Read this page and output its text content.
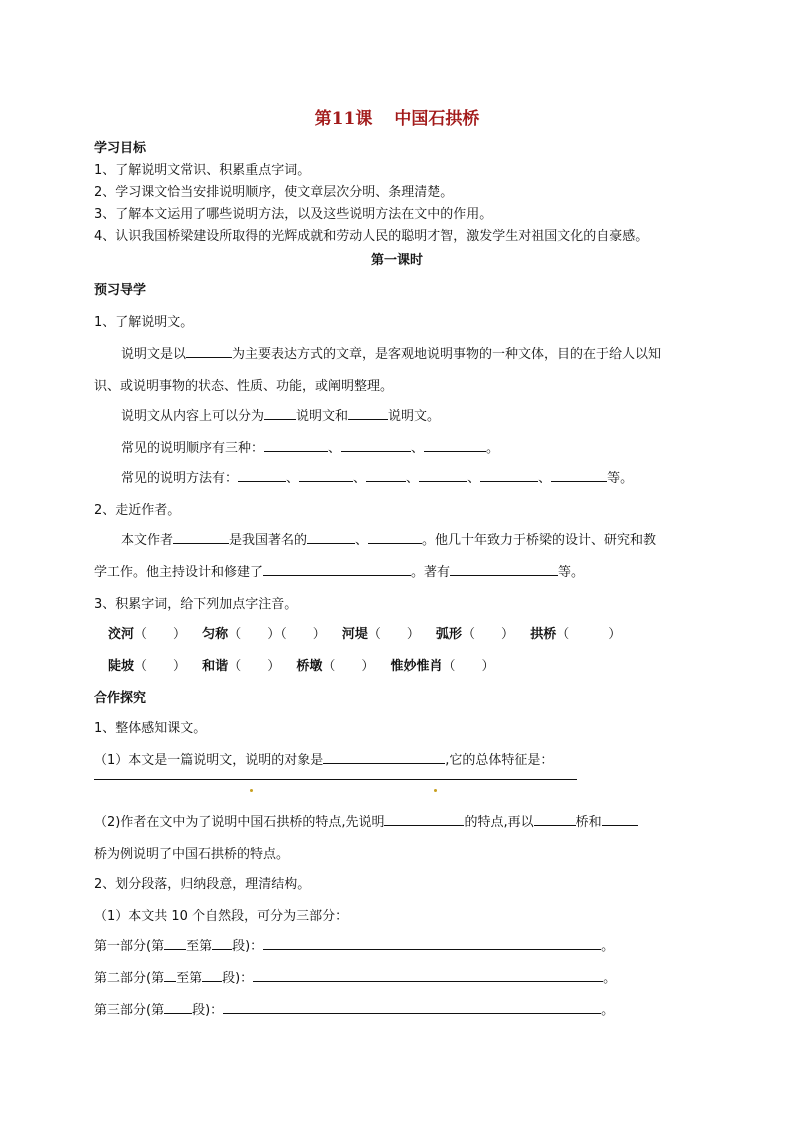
第11课 中国石拱桥
学习目标
1、了解说明文常识、积累重点字词。
2、学习课文恰当安排说明顺序，使文章层次分明、条理清楚。
3、了解本文运用了哪些说明方法，以及这些说明方法在文中的作用。
4、认识我国桥梁建设所取得的光辉成就和劳动人民的聪明才智，激发学生对祖国文化的自豪感。
第一课时
预习导学
1、了解说明文。
说明文是以	为主要表达方式的文章，是客观地说明事物的一种文体，目的在于给人以知
识、或说明事物的状态、性质、功能，或阐明整理。
说明文从内容上可以分为 说明文和	说明文。
常见的说明顺序有三种：	、	、	。
常见的说明方法有：	、	、	、	、	、	等。
2、走近作者。
本文作者	是我国著名的	、	。他几十年致力于桥梁的设计、研究和教
学工作。他主持设计和修建了	。著有	等。
3、积累字词，给下列加点字注音。
洨河（　　） 匀称（　　）（　　） 河堤（　　） 弧形（　　） 拱桥（　　　）
陡坡（　　） 和谐（　　） 桥墩（　　） 惟妙惟肖（　　）
合作探究
1、整体感知课文。
（1）本文是一篇说明文，说明的对象是	,它的总体特征是：
（2)作者在文中为了说明中国石拱桥的特点,先说明	的特点,再以	桥和
桥为例说明了中国石拱桥的特点。
2、划分段落，归纳段意，理清结构。
（1）本文共 10 个自然段，可分为三部分：
第一部分(第 至第 段)：	。
第二部分(第 至第 段)：	。
第三部分(第 段)：	。
